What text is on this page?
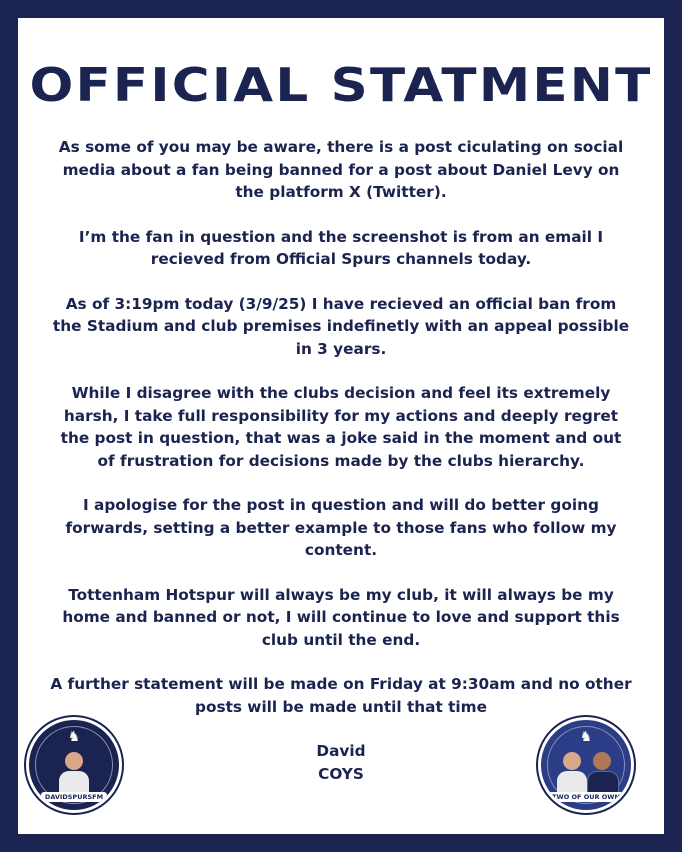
OFFICIAL STATMENT

As some of you may be aware, there is a post ciculating on social media about a fan being banned for a post about Daniel Levy on the platform X (Twitter).

I’m the fan in question and the screenshot is from an email I recieved from Official Spurs channels today.

As of 3:19pm today (3/9/25) I have recieved an official ban from the Stadium and club premises indefinetly with an appeal possible in 3 years.

While I disagree with the clubs decision and feel its extremely harsh, I take full responsibility for my actions and deeply regret the post in question, that was a joke said in the moment and out of frustration for decisions made by the clubs hierarchy.

I apologise for the post in question and will do better going forwards, setting a better example to those fans who follow my content.

Tottenham Hotspur will always be my club, it will always be my home and banned or not, I will continue to love and support this club until the end.

A further statement will be made on Friday at 9:30am and no other posts will be made until that time

David
COYS
♞
DAVIDSPURSFM
♞
TWO OF OUR OWN
